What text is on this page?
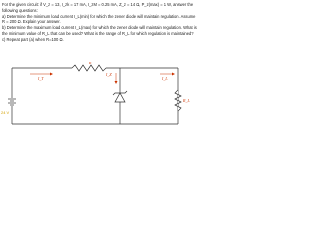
For the given circuit: if V_z = 13, I_zk = 17 mA, I_zM = 0.25 mA, Z_z = 14 Ω, P_z(max) = 1 W, answer the following questions:

a) Determine the minimum load current I_L(min) for which the zener diode will maintain regulation. Assume R = 200 Ω. Explain your answer.

b) Determine the maximum load current I_L(max) for which the zener diode will maintain regulation. What is the minimum value of R_L that can be used? What is the range of R_L for which regulation is maintained?

c) Repeat part (a) when R=100 Ω.

R
I_T
I_Z
I_L
R_L
24 V
